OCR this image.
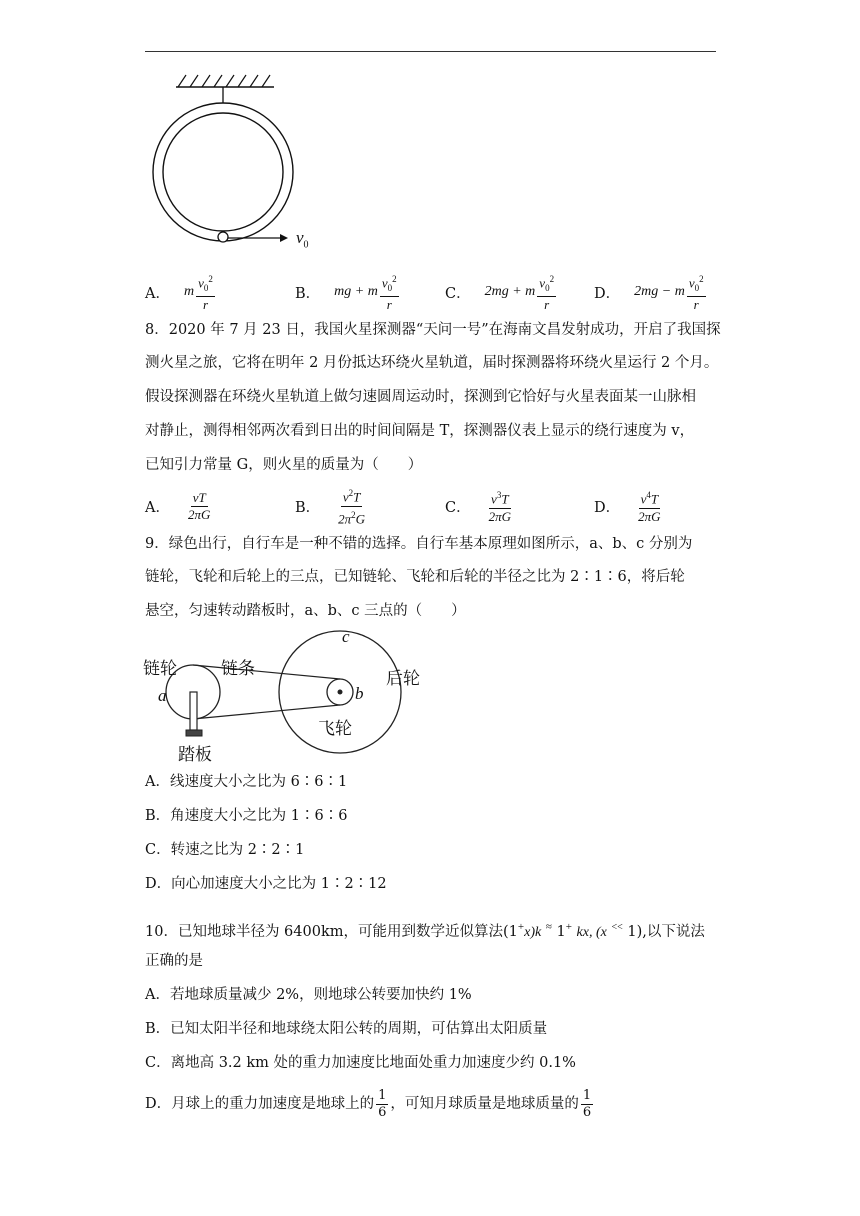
$v_0$
A． m $\frac{v_0^2}{r}$	B． mg + m $\frac{v_0^2}{r}$	C． 2mg + m $\frac{v_0^2}{r}$	D． 2mg − m $\frac{v_0^2}{r}$
8．2020 年 7 月 23 日，我国火星探测器“天问一号”在海南文昌发射成功，开启了我国探
测火星之旅，它将在明年 2 月份抵达环绕火星轨道，届时探测器将环绕火星运行 2 个月。
假设探测器在环绕火星轨道上做匀速圆周运动时，探测到它恰好与火星表面某一山脉相
对静止，测得相邻两次看到日出的时间间隔是 T，探测器仪表上显示的绕行速度为 v，
已知引力常量 G，则火星的质量为（　　）
A． $\frac{vT}{2\pi G}$	B． $\frac{v^2T}{2\pi^2G}$	C． $\frac{v^3T}{2\pi G}$	D． $\frac{v^4T}{2\pi G}$
9．绿色出行，自行车是一种不错的选择。自行车基本原理如图所示，a、b、c 分别为
链轮，飞轮和后轮上的三点，已知链轮、飞轮和后轮的半径之比为 2∶1∶6，将后轮
悬空，匀速转动踏板时，a、b、c 三点的（　　）
链轮	链条	后轮
飞轮
踏板
a	b
c
A．线速度大小之比为 6∶6∶1
B．角速度大小之比为 1∶6∶6
C．转速之比为 2∶2∶1
D．向心加速度大小之比为 1∶2∶12
10．已知地球半径为 6400km，可能用到数学近似算法(1+x)k ≈ 1+ kx, (x << 1),以下说法
正确的是
A．若地球质量减少 2%，则地球公转要加快约 1%
B．已知太阳半径和地球绕太阳公转的周期，可估算出太阳质量
C．离地高 3.2 km 处的重力加速度比地面处重力加速度少约 0.1%
D．月球上的重力加速度是地球上的 $\frac{1}{6}$ ，可知月球质量是地球质量的 $\frac{1}{6}$
